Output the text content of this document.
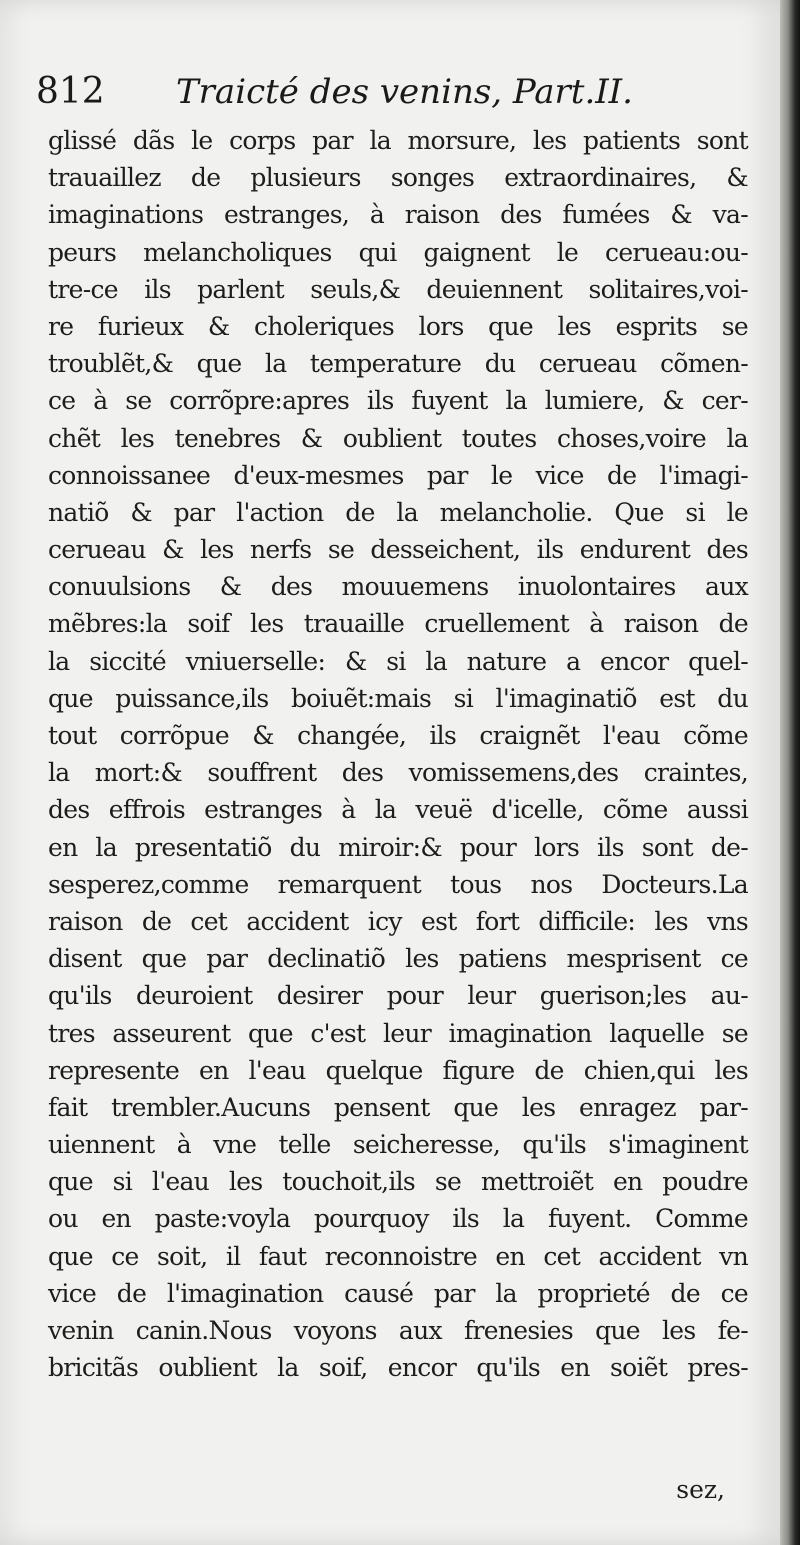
812 Traicté des venins, Part.II.
glissé dãs le corps par la morsure, les patients sont
trauaillez de plusieurs songes extraordinaires, &
imaginations estranges, à raison des fumées & va-
peurs melancholiques qui gaignent le cerueau:ou-
tre-ce ils parlent seuls,& deuiennent solitaires,voi-
re furieux & choleriques lors que les esprits se
troublẽt,& que la temperature du cerueau cõmen-
ce à se corrõpre:apres ils fuyent la lumiere, & cer-
chẽt les tenebres & oublient toutes choses,voire la
connoissanee d'eux-mesmes par le vice de l'imagi-
natiõ & par l'action de la melancholie. Que si le
cerueau & les nerfs se desseichent, ils endurent des
conuulsions & des mouuemens inuolontaires aux
mẽbres:la soif les trauaille cruellement à raison de
la siccité vniuerselle: & si la nature a encor quel-
que puissance,ils boiuẽt:mais si l'imaginatiõ est du
tout corrõpue & changée, ils craignẽt l'eau cõme
la mort:& souffrent des vomissemens,des craintes,
des effrois estranges à la veuë d'icelle, cõme aussi
en la presentatiõ du miroir:& pour lors ils sont de-
sesperez,comme remarquent tous nos Docteurs.La
raison de cet accident icy est fort difficile: les vns
disent que par declinatiõ les patiens mesprisent ce
qu'ils deuroient desirer pour leur guerison;les au-
tres asseurent que c'est leur imagination laquelle se
represente en l'eau quelque figure de chien,qui les
fait trembler.Aucuns pensent que les enragez par-
uiennent à vne telle seicheresse, qu'ils s'imaginent
que si l'eau les touchoit,ils se mettroiẽt en poudre
ou en paste:voyla pourquoy ils la fuyent. Comme
que ce soit, il faut reconnoistre en cet accident vn
vice de l'imagination causé par la proprieté de ce
venin canin.Nous voyons aux frenesies que les fe-
bricitãs oublient la soif, encor qu'ils en soiẽt pres-
sez,
